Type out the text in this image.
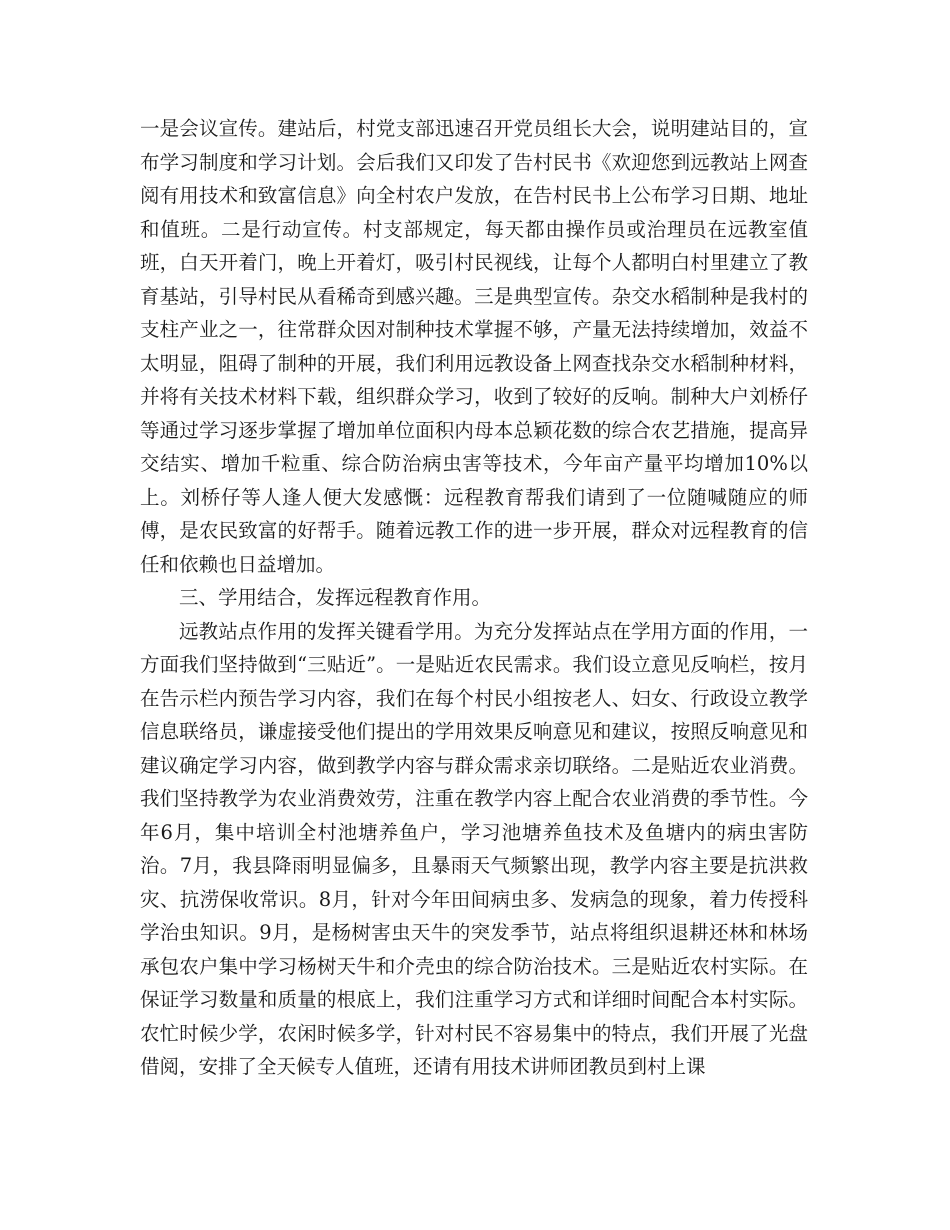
一是会议宣传。建站后，村党支部迅速召开党员组长大会，说明建站目的，宣布学习制度和学习计划。会后我们又印发了告村民书《欢迎您到远教站上网查阅有用技术和致富信息》向全村农户发放，在告村民书上公布学习日期、地址和值班。二是行动宣传。村支部规定，每天都由操作员或治理员在远教室值班，白天开着门，晚上开着灯，吸引村民视线，让每个人都明白村里建立了教育基站，引导村民从看稀奇到感兴趣。三是典型宣传。杂交水稻制种是我村的支柱产业之一，往常群众因对制种技术掌握不够，产量无法持续增加，效益不太明显，阻碍了制种的开展，我们利用远教设备上网查找杂交水稻制种材料，并将有关技术材料下载，组织群众学习，收到了较好的反响。制种大户刘桥仔等通过学习逐步掌握了增加单位面积内母本总颖花数的综合农艺措施，提高异交结实、增加千粒重、综合防治病虫害等技术，今年亩产量平均增加10%以上。刘桥仔等人逢人便大发感慨：远程教育帮我们请到了一位随喊随应的师傅，是农民致富的好帮手。随着远教工作的进一步开展，群众对远程教育的信任和依赖也日益增加。

三、学用结合，发挥远程教育作用。

远教站点作用的发挥关键看学用。为充分发挥站点在学用方面的作用，一方面我们坚持做到“三贴近”。一是贴近农民需求。我们设立意见反响栏，按月在告示栏内预告学习内容，我们在每个村民小组按老人、妇女、行政设立教学信息联络员，谦虚接受他们提出的学用效果反响意见和建议，按照反响意见和建议确定学习内容，做到教学内容与群众需求亲切联络。二是贴近农业消费。我们坚持教学为农业消费效劳，注重在教学内容上配合农业消费的季节性。今年6月，集中培训全村池塘养鱼户，学习池塘养鱼技术及鱼塘内的病虫害防治。7月，我县降雨明显偏多，且暴雨天气频繁出现，教学内容主要是抗洪救灾、抗涝保收常识。8月，针对今年田间病虫多、发病急的现象，着力传授科学治虫知识。9月，是杨树害虫天牛的突发季节，站点将组织退耕还林和林场承包农户集中学习杨树天牛和介壳虫的综合防治技术。三是贴近农村实际。在保证学习数量和质量的根底上，我们注重学习方式和详细时间配合本村实际。农忙时候少学，农闲时候多学，针对村民不容易集中的特点，我们开展了光盘借阅，安排了全天候专人值班，还请有用技术讲师团教员到村上课
